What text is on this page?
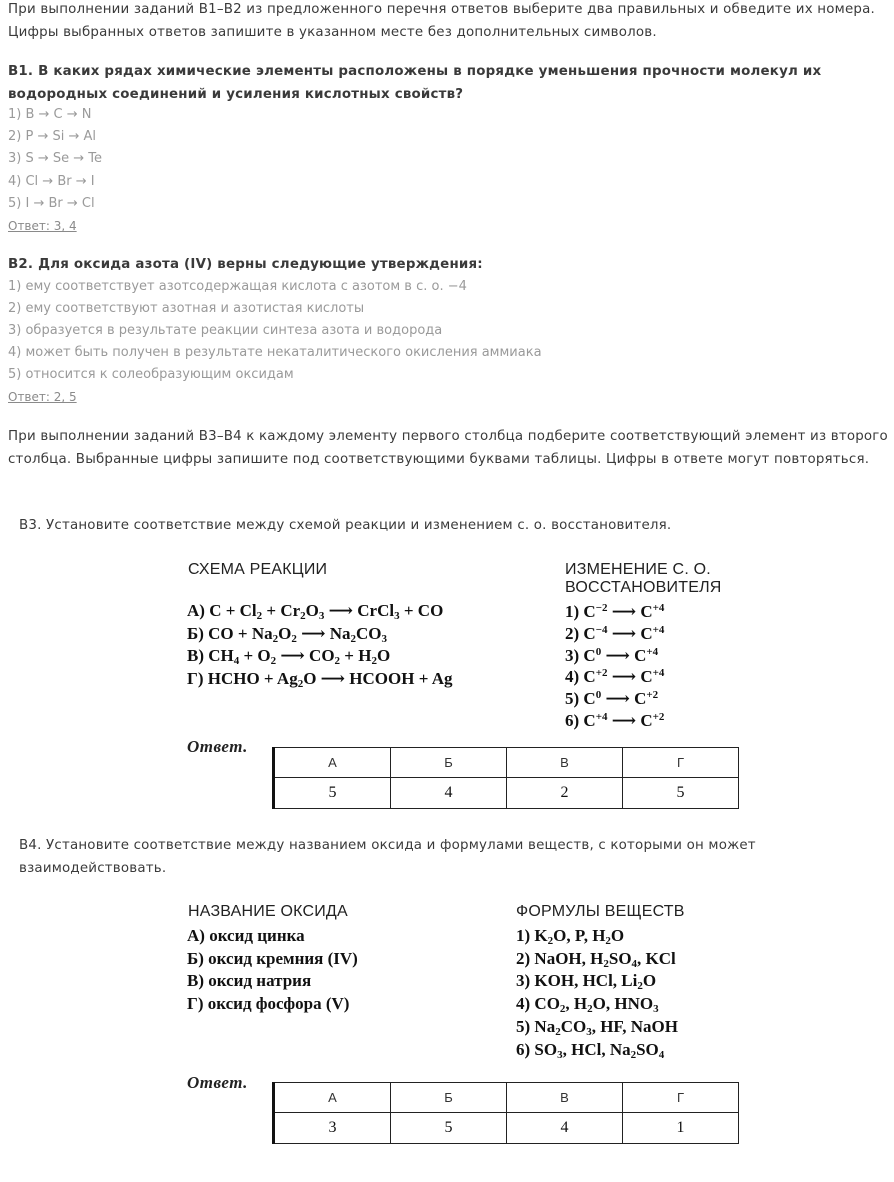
При выполнении заданий В1–В2 из предложенного перечня ответов выберите два правильных и обведите их номера. Цифры выбранных ответов запишите в указанном месте без дополнительных символов.
В1. В каких рядах химические элементы расположены в порядке уменьшения прочности молекул их водородных соединений и усиления кислотных свойств?
1) B → C → N
2) P → Si → Al
3) S → Se → Te
4) Cl → Br → I
5) I → Br → Cl
Ответ: 3, 4
В2. Для оксида азота (IV) верны следующие утверждения:
1) ему соответствует азотсодержащая кислота с азотом в с. о. −4
2) ему соответствуют азотная и азотистая кислоты
3) образуется в результате реакции синтеза азота и водорода
4) может быть получен в результате некаталитического окисления аммиака
5) относится к солеобразующим оксидам
Ответ: 2, 5
При выполнении заданий В3–В4 к каждому элементу первого столбца подберите соответствующий элемент из второго столбца. Выбранные цифры запишите под соответствующими буквами таблицы. Цифры в ответе могут повторяться.
В3. Установите соответствие между схемой реакции и изменением с. о. восстановителя.
СХЕМА РЕАКЦИИ	ИЗМЕНЕНИЕ С. О.
ВОССТАНОВИТЕЛЯ
А) $C + Cl_2 + Cr_2O_3$ ⟶ CrCl$_3$ + CO
Б) CO + $Na_2O_2$ ⟶ $Na_2CO_3$
В) $CH_4 + O_2$ ⟶ $CO_2 + H_2O$
Г) HCHO + $Ag_2O$ ⟶ HCOOH + Ag
1) $C^{-2}$ ⟶ $C^{+4}$
2) $C^{-4}$ ⟶ $C^{+4}$
3) $C^0$ ⟶ $C^{+4}$
4) $C^{+2}$ ⟶ $C^{+4}$
5) $C^0$ ⟶ $C^{+2}$
6) $C^{+4}$ ⟶ $C^{+2}$
Ответ.
А	Б	В	Г
5	4	2	5
В4. Установите соответствие между названием оксида и формулами веществ, с которыми он может взаимодействовать.
НАЗВАНИЕ ОКСИДА	ФОРМУЛЫ ВЕЩЕСТВ
А) оксид цинка
Б) оксид кремния (IV)
В) оксид натрия
Г) оксид фосфора (V)
1) $K_2O$, P, $H_2O$
2) NaOH, $H_2SO_4$, KCl
3) KOH, HCl, $Li_2O$
4) $CO_2$, $H_2O$, $HNO_3$
5) $Na_2CO_3$, HF, NaOH
6) $SO_3$, HCl, $Na_2SO_4$
Ответ.
А	Б	В	Г
3	5	4	1
